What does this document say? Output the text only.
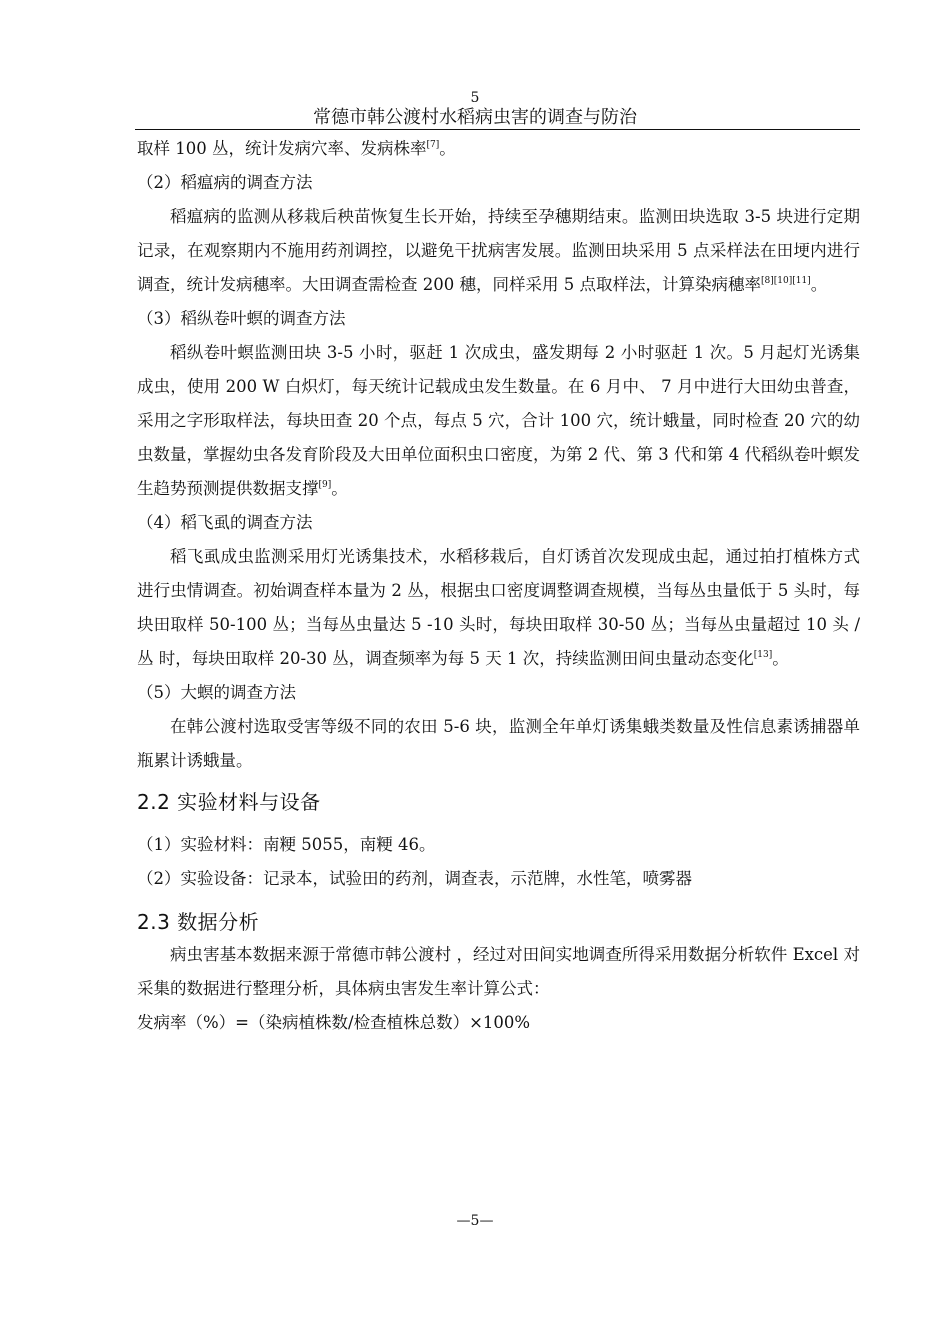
5
常德市韩公渡村水稻病虫害的调查与防治

取样 100 丛，统计发病穴率、发病株率[7]。

（2）稻瘟病的调查方法

稻瘟病的监测从移栽后秧苗恢复生长开始，持续至孕穗期结束。监测田块选取 3-5 块进行定期记录，在观察期内不施用药剂调控，以避免干扰病害发展。监测田块采用 5 点采样法在田埂内进行调查，统计发病穗率。大田调查需检查 200 穗，同样采用 5 点取样法，计算染病穗率[8][10][11]。

（3）稻纵卷叶螟的调查方法

稻纵卷叶螟监测田块 3-5 小时，驱赶 1 次成虫，盛发期每 2 小时驱赶 1 次。5 月起灯光诱集成虫，使用 200 W 白炽灯，每天统计记载成虫发生数量。在 6 月中、 7 月中进行大田幼虫普查，采用之字形取样法，每块田查 20 个点，每点 5 穴，合计 100 穴，统计蛾量，同时检查 20 穴的幼虫数量，掌握幼虫各发育阶段及大田单位面积虫口密度，为第 2 代、第 3 代和第 4 代稻纵卷叶螟发生趋势预测提供数据支撑[9]。

（4）稻飞虱的调查方法

稻飞虱成虫监测采用灯光诱集技术，水稻移栽后，自灯诱首次发现成虫起，通过拍打植株方式进行虫情调查。初始调查样本量为 2 丛，根据虫口密度调整调查规模，当每丛虫量低于 5 头时，每块田取样 50-100 丛；当每丛虫量达 5 -10 头时，每块田取样 30-50 丛；当每丛虫量超过 10 头 / 丛 时，每块田取样 20-30 丛，调查频率为每 5 天 1 次，持续监测田间虫量动态变化[13]。

（5）大螟的调查方法

在韩公渡村选取受害等级不同的农田 5-6 块，监测全年单灯诱集蛾类数量及性信息素诱捕器单瓶累计诱蛾量。

2.2 实验材料与设备

（1）实验材料：南粳 5055，南粳 46。

（2）实验设备：记录本，试验田的药剂，调查表，示范牌，水性笔，喷雾器

2.3 数据分析

病虫害基本数据来源于常德市韩公渡村 ，经过对田间实地调查所得采用数据分析软件 Excel 对采集的数据进行整理分析，具体病虫害发生率计算公式：

发病率（%）=（染病植株数/检查植株总数）×100%

—5—
